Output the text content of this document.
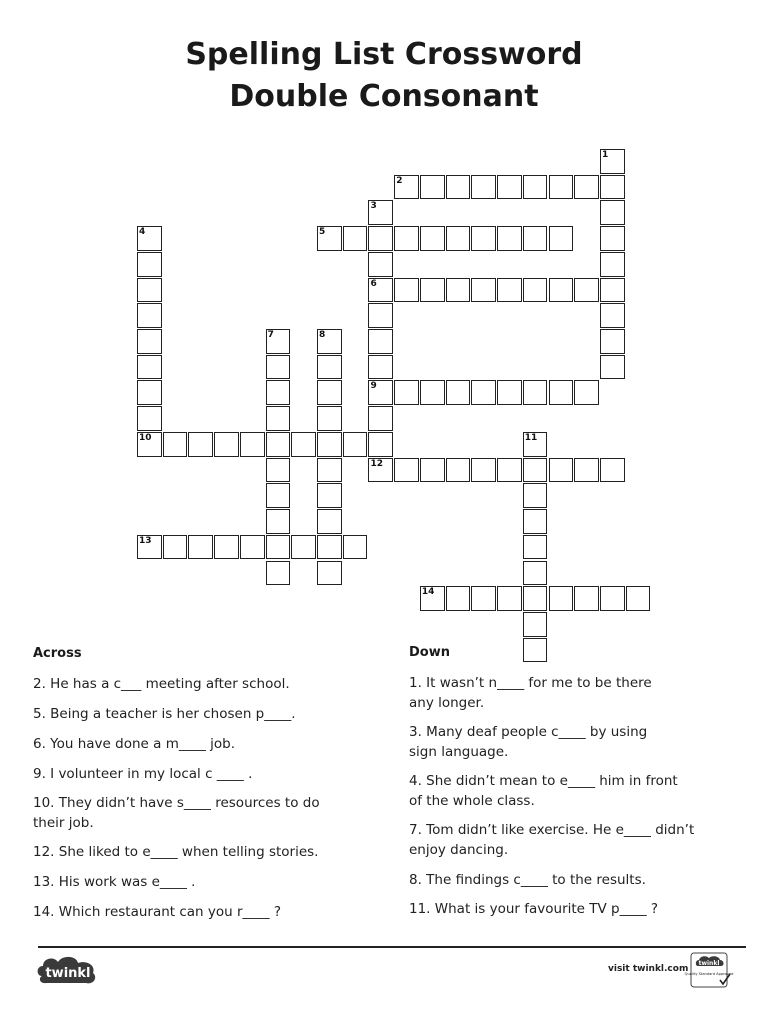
Spelling List Crossword
Double Consonant
1
2
3
6
9
4
10
5
7	8
11
12
13
14
Across	Down
2. He has a c___ meeting after school.
5. Being a teacher is her chosen p____.
6. You have done a m____ job.
9. I volunteer in my local c ____ .
10. They didn’t have s____ resources to do
their job.
12. She liked to e____ when telling stories.
13. His work was e____ .
14. Which restaurant can you r____ ?
1. It wasn’t n____ for me to be there
any longer.
3. Many deaf people c____ by using
sign language.
4. She didn’t mean to e____ him in front
of the whole class.
7. Tom didn’t like exercise. He e____ didn’t
enjoy dancing.
8. The findings c____ to the results.
11. What is your favourite TV p____ ?
twinkl	visit twinkl.com
twinkl
Quality Standard Approved
